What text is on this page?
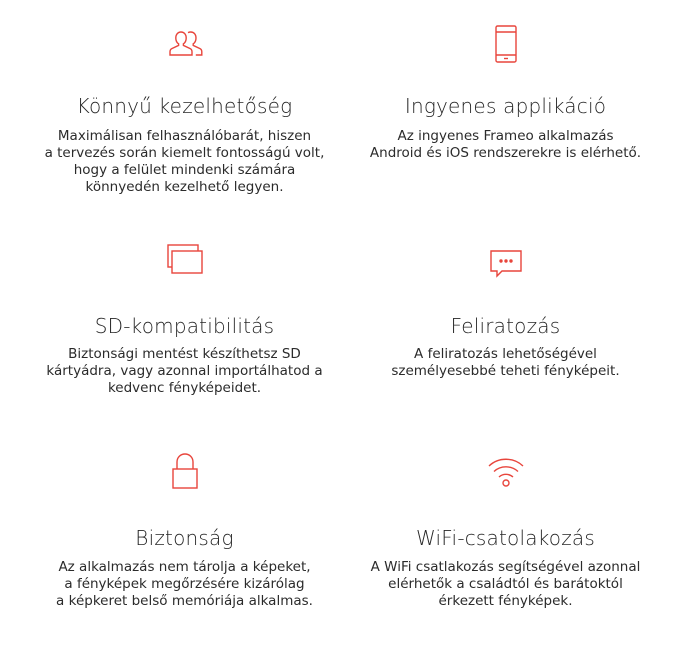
Könnyű kezelhetőség
Maximálisan felhasználóbarát, hiszen
a tervezés során kiemelt fontosságú volt,
hogy a felület mindenki számára
könnyedén kezelhető legyen.
Ingyenes applikáció
Az ingyenes Frameo alkalmazás
Android és iOS rendszerekre is elérhető.
SD-kompatibilitás
Biztonsági mentést készíthetsz SD
kártyádra, vagy azonnal importálhatod a
kedvenc fényképeidet.
Feliratozás
A feliratozás lehetőségével
személyesebbé teheti fényképeit.
Biztonság
Az alkalmazás nem tárolja a képeket,
a fényképek megőrzésére kizárólag
a képkeret belső memóriája alkalmas.
WiFi-csatolakozás
A WiFi csatlakozás segítségével azonnal
elérhetők a családtól és barátoktól
érkezett fényképek.
